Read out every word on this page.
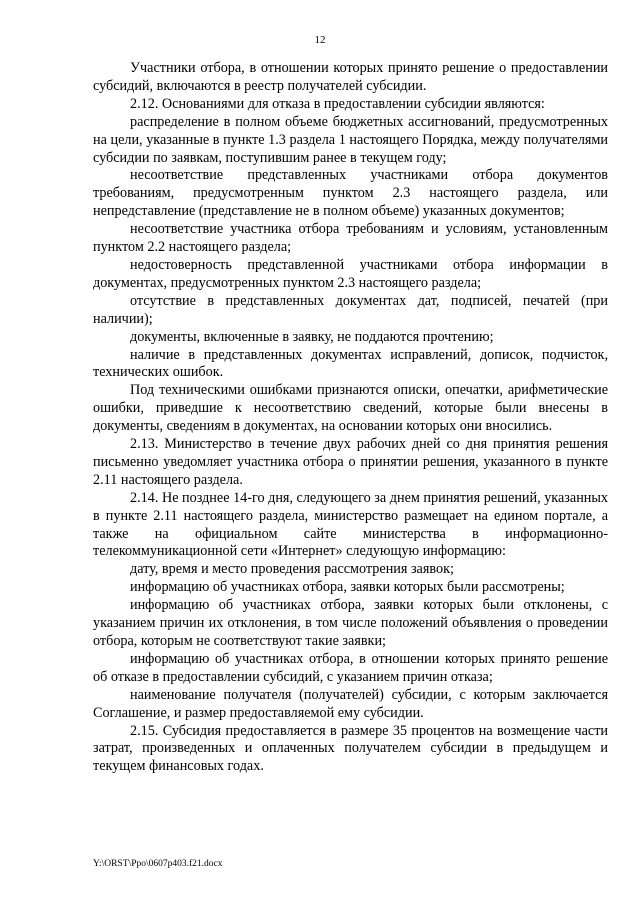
12

Участники отбора, в отношении которых принято решение о предоставлении субсидий, включаются в реестр получателей субсидии.

2.12. Основаниями для отказа в предоставлении субсидии являются:

распределение в полном объеме бюджетных ассигнований, предусмотренных на цели, указанные в пункте 1.3 раздела 1 настоящего Порядка, между получателями субсидии по заявкам, поступившим ранее в текущем году;

несоответствие представленных участниками отбора документов требованиям, предусмотренным пунктом 2.3 настоящего раздела, или непредставление (представление не в полном объеме) указанных документов;

несоответствие участника отбора требованиям и условиям, установленным пунктом 2.2 настоящего раздела;

недостоверность представленной участниками отбора информации в документах, предусмотренных пунктом 2.3 настоящего раздела;

отсутствие в представленных документах дат, подписей, печатей (при наличии);

документы, включенные в заявку, не поддаются прочтению;

наличие в представленных документах исправлений, дописок, подчисток, технических ошибок.

Под техническими ошибками признаются описки, опечатки, арифметические ошибки, приведшие к несоответствию сведений, которые были внесены в документы, сведениям в документах, на основании которых они вносились.

2.13. Министерство в течение двух рабочих дней со дня принятия решения письменно уведомляет участника отбора о принятии решения, указанного в пункте 2.11 настоящего раздела.

2.14. Не позднее 14-го дня, следующего за днем принятия решений, указанных в пункте 2.11 настоящего раздела, министерство размещает на едином портале, а также на официальном сайте министерства в информационно-телекоммуникационной сети «Интернет» следующую информацию:

дату, время и место проведения рассмотрения заявок;

информацию об участниках отбора, заявки которых были рассмотрены;

информацию об участниках отбора, заявки которых были отклонены, с указанием причин их отклонения, в том числе положений объявления о проведении отбора, которым не соответствуют такие заявки;

информацию об участниках отбора, в отношении которых принято решение об отказе в предоставлении субсидий, с указанием причин отказа;

наименование получателя (получателей) субсидии, с которым заключается Соглашение, и размер предоставляемой ему субсидии.

2.15. Субсидия предоставляется в размере 35 процентов на возмещение части затрат, произведенных и оплаченных получателем субсидии в предыдущем и текущем финансовых годах.

Y:\ORST\Ppo\0607p403.f21.docx
